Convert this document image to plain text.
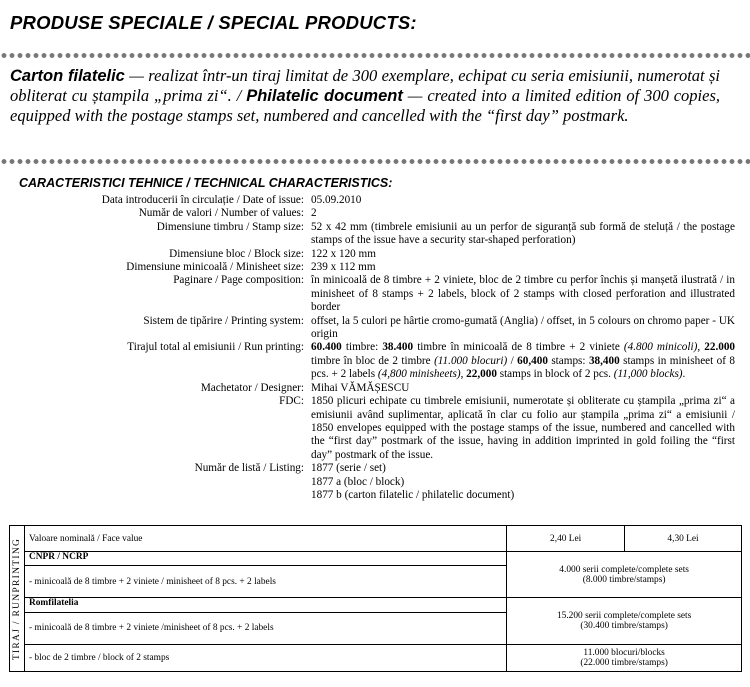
PRODUSE SPECIALE / SPECIAL PRODUCTS:
Carton filatelic — realizat într-un tiraj limitat de 300 exemplare, echipat cu seria emisiunii, numerotat și obliterat cu ștampila „prima zi“. / Philatelic document — created into a limited edition of 300 copies, equipped with the postage stamps set, numbered and cancelled with the “first day” postmark.
CARACTERISTICI TEHNICE / TECHNICAL CHARACTERISTICS:
Data introducerii în circulație / Date of issue:	05.09.2010
Număr de valori / Number of values:	2
Dimensiune timbru / Stamp size:	52 x 42 mm (timbrele emisiunii au un perfor de siguranță sub formă de steluță / the postage stamps of the issue have a security star-shaped perforation)
Dimensiune bloc / Block size:	122 x 120 mm
Dimensiune minicoală / Minisheet size:	239 x 112 mm
Paginare / Page composition:	în minicoală de 8 timbre + 2 viniete, bloc de 2 timbre cu perfor închis și manșetă ilustrată / in minisheet of 8 stamps + 2 labels, block of 2 stamps with closed perforation and illustrated border
Sistem de tipărire / Printing system:	offset, la 5 culori pe hârtie cromo-gumată (Anglia) / offset, in 5 colours on chromo paper - UK origin
Tirajul total al emisiunii / Run printing:	60.400 timbre: 38.400 timbre în minicoală de 8 timbre + 2 viniete (4.800 minicoli), 22.000 timbre în bloc de 2 timbre (11.000 blocuri) / 60,400 stamps: 38,400 stamps in minisheet of 8 pcs. + 2 labels (4,800 minisheets), 22,000 stamps in block of 2 pcs. (11,000 blocks).
Machetator / Designer:	Mihai VĂMĂȘESCU
FDC:	1850 plicuri echipate cu timbrele emisiunii, numerotate și obliterate cu ștampila „prima zi“ a emisiunii având suplimentar, aplicată în clar cu folio aur ștampila „prima zi“ a emisiunii / 1850 envelopes equipped with the postage stamps of the issue, numbered and cancelled with the “first day” postmark of the issue, having in addition imprinted in gold foiling the “first day” postmark of the issue.
Număr de listă / Listing:	1877 (serie / set)
1877 a (bloc / block)
1877 b (carton filatelic / philatelic document)
TIRAJ / RUNPRINTING	Valoare nominală / Face value	2,40 Lei	4,30 Lei
	CNPR / NCRP	4.000 serii complete/complete sets
(8.000 timbre/stamps)	

	- minicoală de 8 timbre + 2 viniete / minisheet of 8 pcs. + 2 labels		
	Romfilatelia	15.200 serii complete/complete sets
(30.400 timbre/stamps)	

	- minicoală de 8 timbre + 2 viniete /minisheet of 8 pcs. + 2 labels		
	- bloc de 2 timbre / block of 2 stamps	11.000 blocuri/blocks
(22.000 timbre/stamps)	
